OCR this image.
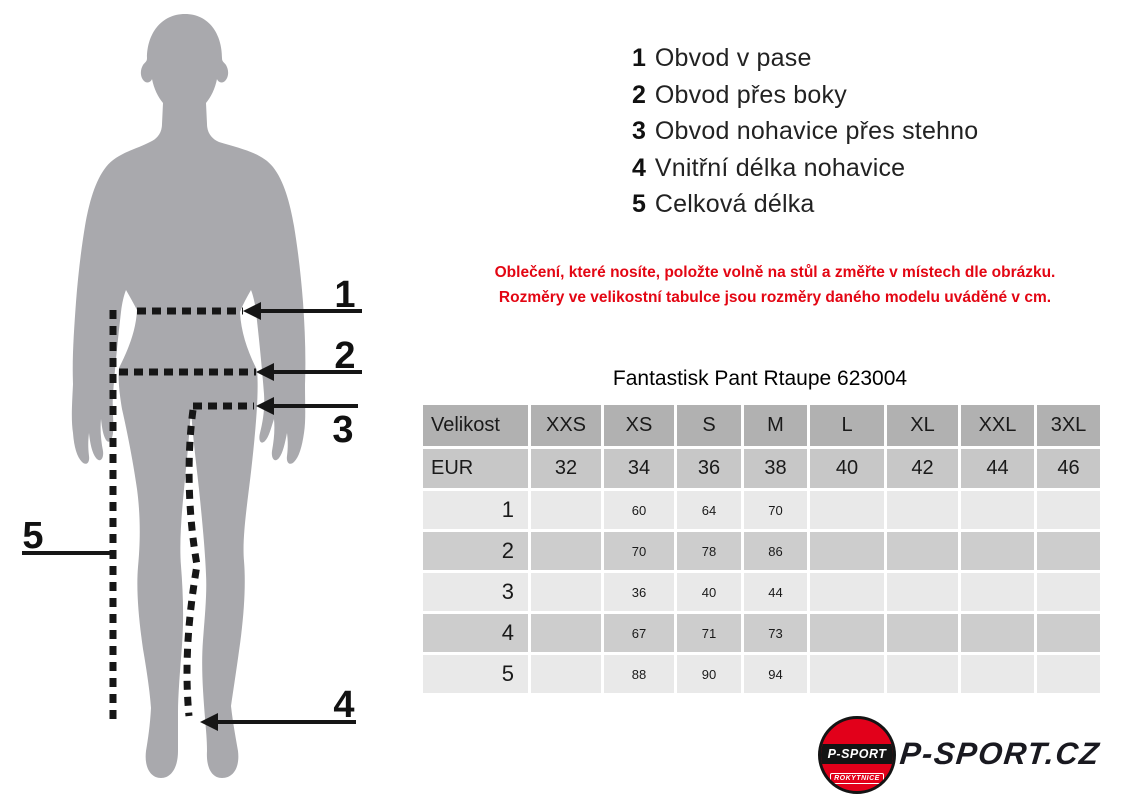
1
2
3
4
5
1 Obvod v pase
2 Obvod přes boky
3 Obvod nohavice přes stehno
4 Vnitřní délka nohavice
5 Celková délka
Oblečení, které nosíte, položte volně na stůl a změřte v místech dle obrázku.
Rozměry ve velikostní tabulce jsou rozměry daného modelu uváděné v cm.
Fantastisk Pant Rtaupe 623004
Velikost	XXS	XS	S	M	L	XL	XXL	3XL
EUR	32	34	36	38	40	42	44	46
1		60	64	70				
2		70	78	86				
3		36	40	44				
4		67	71	73				
5		88	90	94				
P-SPORT
ROKYTNICE
P-SPORT.CZ
